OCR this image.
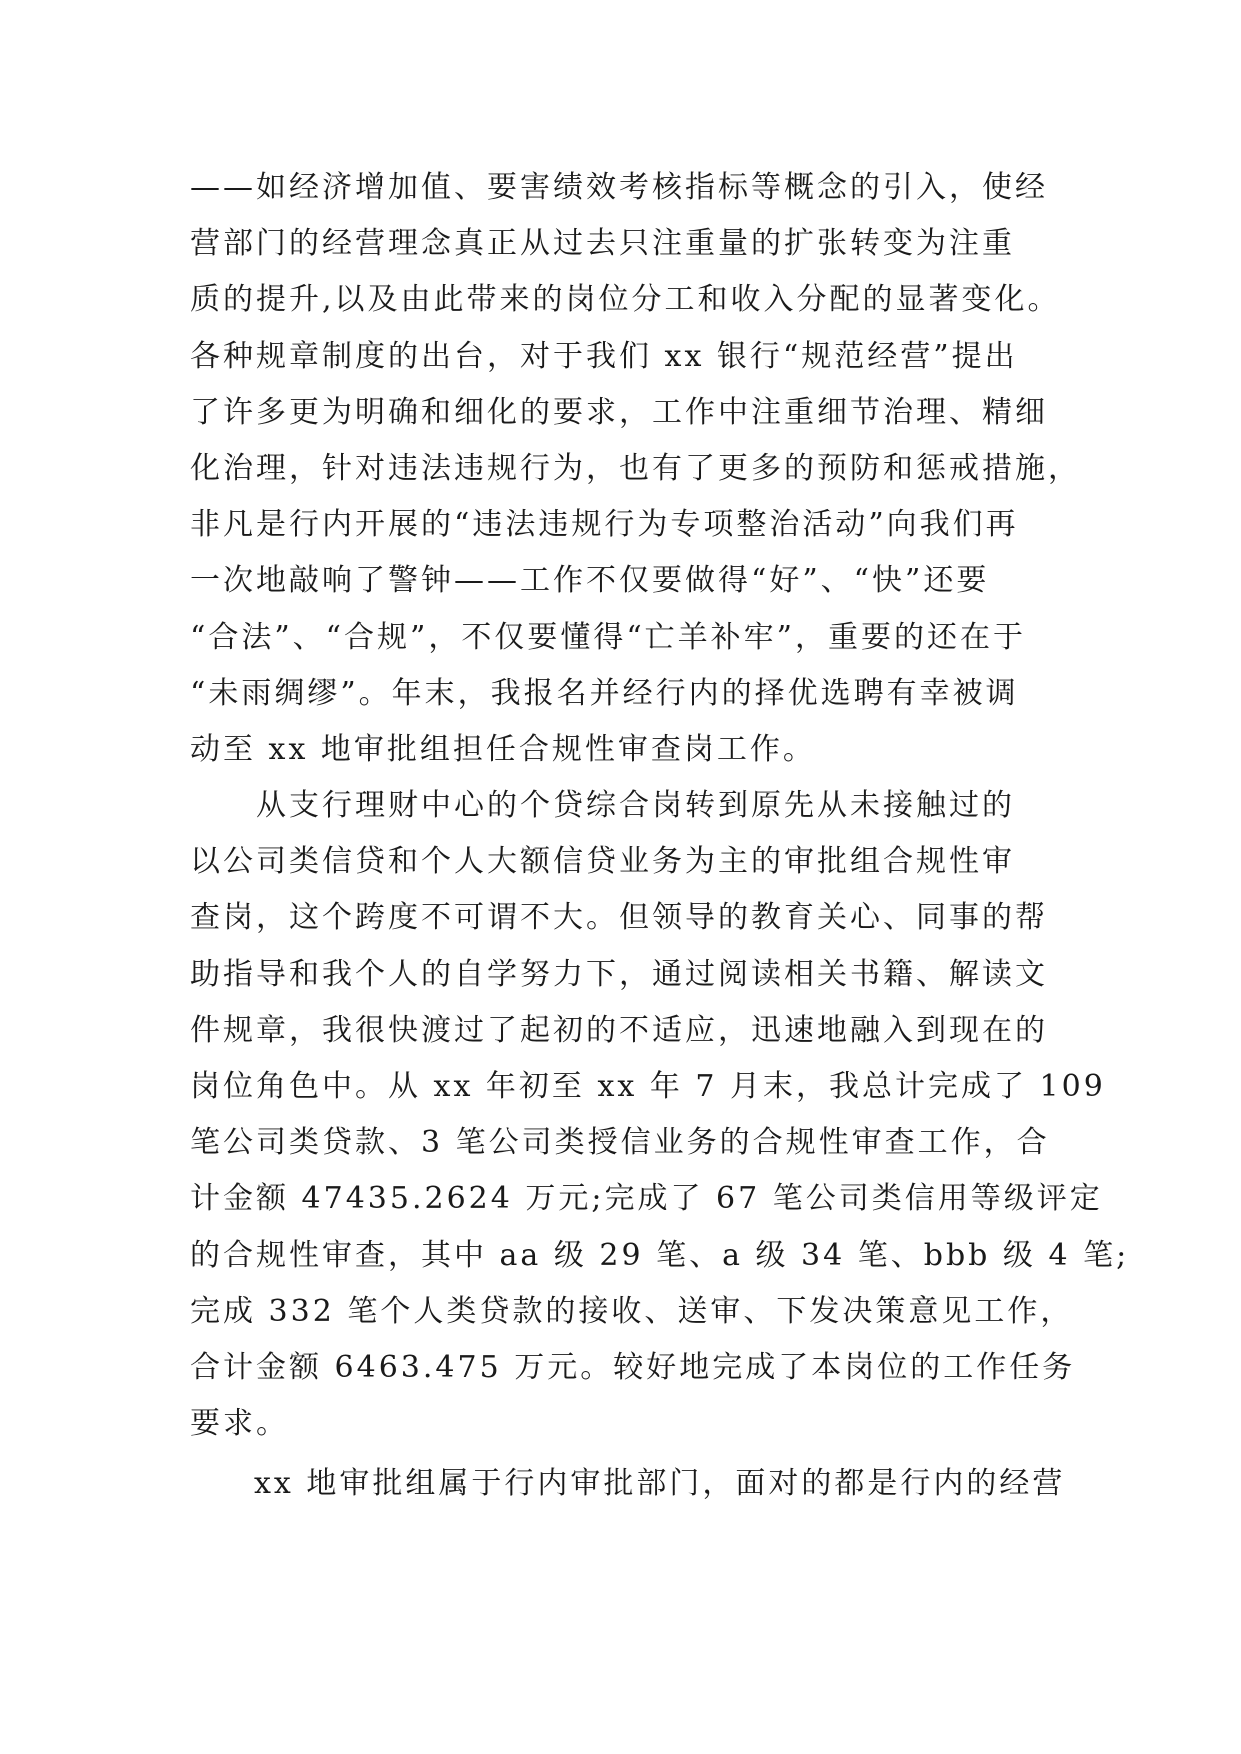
——如经济增加值、要害绩效考核指标等概念的引入，使经
营部门的经营理念真正从过去只注重量的扩张转变为注重
质的提升,以及由此带来的岗位分工和收入分配的显著变化。
各种规章制度的出台，对于我们 xx 银行“规范经营”提出
了许多更为明确和细化的要求，工作中注重细节治理、精细
化治理，针对违法违规行为，也有了更多的预防和惩戒措施，
非凡是行内开展的“违法违规行为专项整治活动”向我们再
一次地敲响了警钟——工作不仅要做得“好”、“快”还要
“合法”、“合规”，不仅要懂得“亡羊补牢”，重要的还在于
“未雨绸缪”。年末，我报名并经行内的择优选聘有幸被调
动至 xx 地审批组担任合规性审查岗工作。
从支行理财中心的个贷综合岗转到原先从未接触过的
以公司类信贷和个人大额信贷业务为主的审批组合规性审
查岗，这个跨度不可谓不大。但领导的教育关心、同事的帮
助指导和我个人的自学努力下，通过阅读相关书籍、解读文
件规章，我很快渡过了起初的不适应，迅速地融入到现在的
岗位角色中。从 xx 年初至 xx 年 7 月末，我总计完成了 109
笔公司类贷款、3 笔公司类授信业务的合规性审查工作，合
计金额 47435.2624 万元;完成了 67 笔公司类信用等级评定
的合规性审查，其中 aa 级 29 笔、a 级 34 笔、bbb 级 4 笔;
完成 332 笔个人类贷款的接收、送审、下发决策意见工作，
合计金额 6463.475 万元。较好地完成了本岗位的工作任务
要求。
xx 地审批组属于行内审批部门，面对的都是行内的经营
